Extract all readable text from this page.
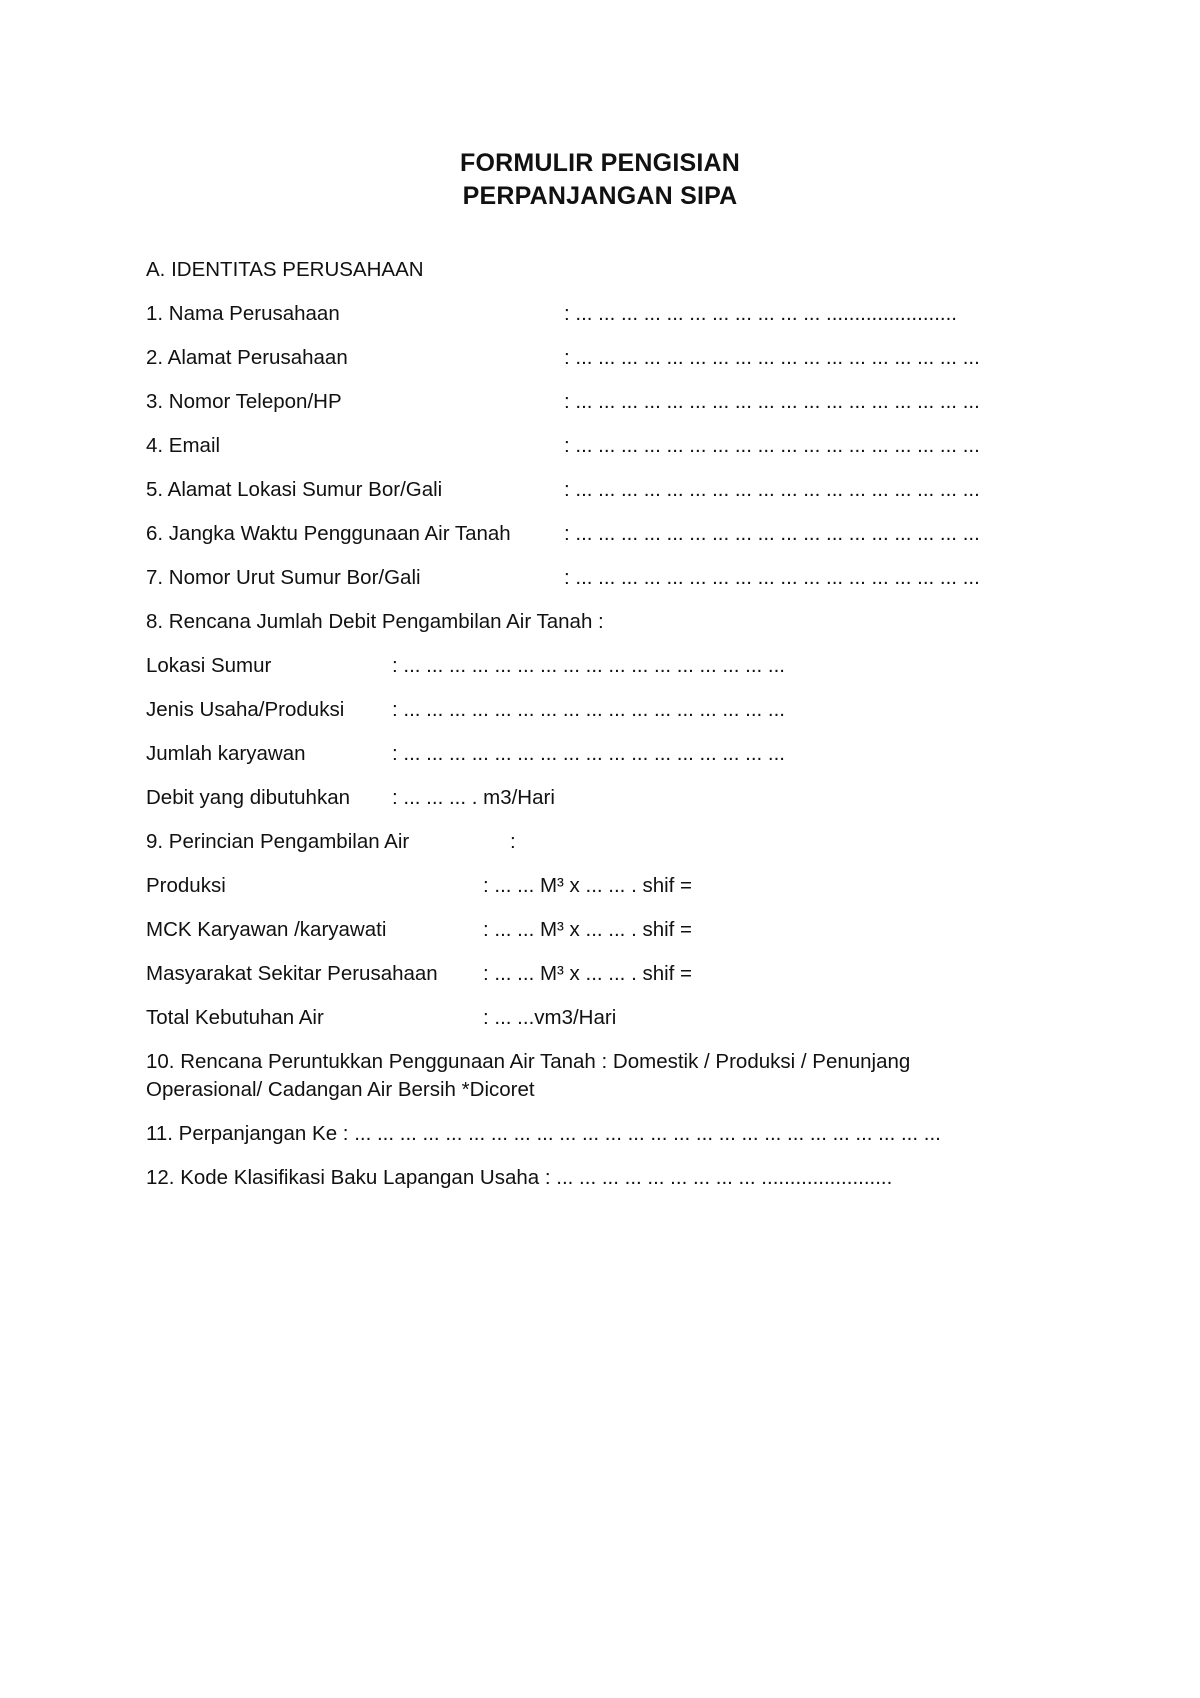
FORMULIR PENGISIAN
PERPANJANGAN SIPA
A. IDENTITAS PERUSAHAAN
1. Nama Perusahaan	: ... ... ... ... ... ... ... ... ... ... ... .......................
2. Alamat Perusahaan	: ... ... ... ... ... ... ... ... ... ... ... ... ... ... ... ... ... ...
3. Nomor Telepon/HP	: ... ... ... ... ... ... ... ... ... ... ... ... ... ... ... ... ... ...
4. Email	: ... ... ... ... ... ... ... ... ... ... ... ... ... ... ... ... ... ...
5. Alamat Lokasi Sumur Bor/Gali	: ... ... ... ... ... ... ... ... ... ... ... ... ... ... ... ... ... ...
6. Jangka Waktu Penggunaan Air Tanah	: ... ... ... ... ... ... ... ... ... ... ... ... ... ... ... ... ... ...
7. Nomor Urut Sumur Bor/Gali	: ... ... ... ... ... ... ... ... ... ... ... ... ... ... ... ... ... ...
8. Rencana Jumlah Debit Pengambilan Air Tanah :
Lokasi Sumur	: ... ... ... ... ... ... ... ... ... ... ... ... ... ... ... ... ...
Jenis Usaha/Produksi : ... ... ... ... ... ... ... ... ... ... ... ... ... ... ... ... ...
Jumlah karyawan	: ... ... ... ... ... ... ... ... ... ... ... ... ... ... ... ... ...
Debit yang dibutuhkan : ... ... ... . m3/Hari
9. Perincian Pengambilan Air	:
Produksi	: ... ... M³ x ... ... . shif =
MCK Karyawan /karyawati	: ... ... M³ x ... ... . shif =
Masyarakat Sekitar Perusahaan : ... ... M³ x ... ... . shif =
Total Kebutuhan Air	: ... ...vm3/Hari
10. Rencana Peruntukkan Penggunaan Air Tanah : Domestik / Produksi / Penunjang Operasional/ Cadangan Air Bersih *Dicoret
11. Perpanjangan Ke : ... ... ... ... ... ... ... ... ... ... ... ... ... ... ... ... ... ... ... ... ... ... ... ... ... ...
12. Kode Klasifikasi Baku Lapangan Usaha : ... ... ... ... ... ... ... ... ... .......................
